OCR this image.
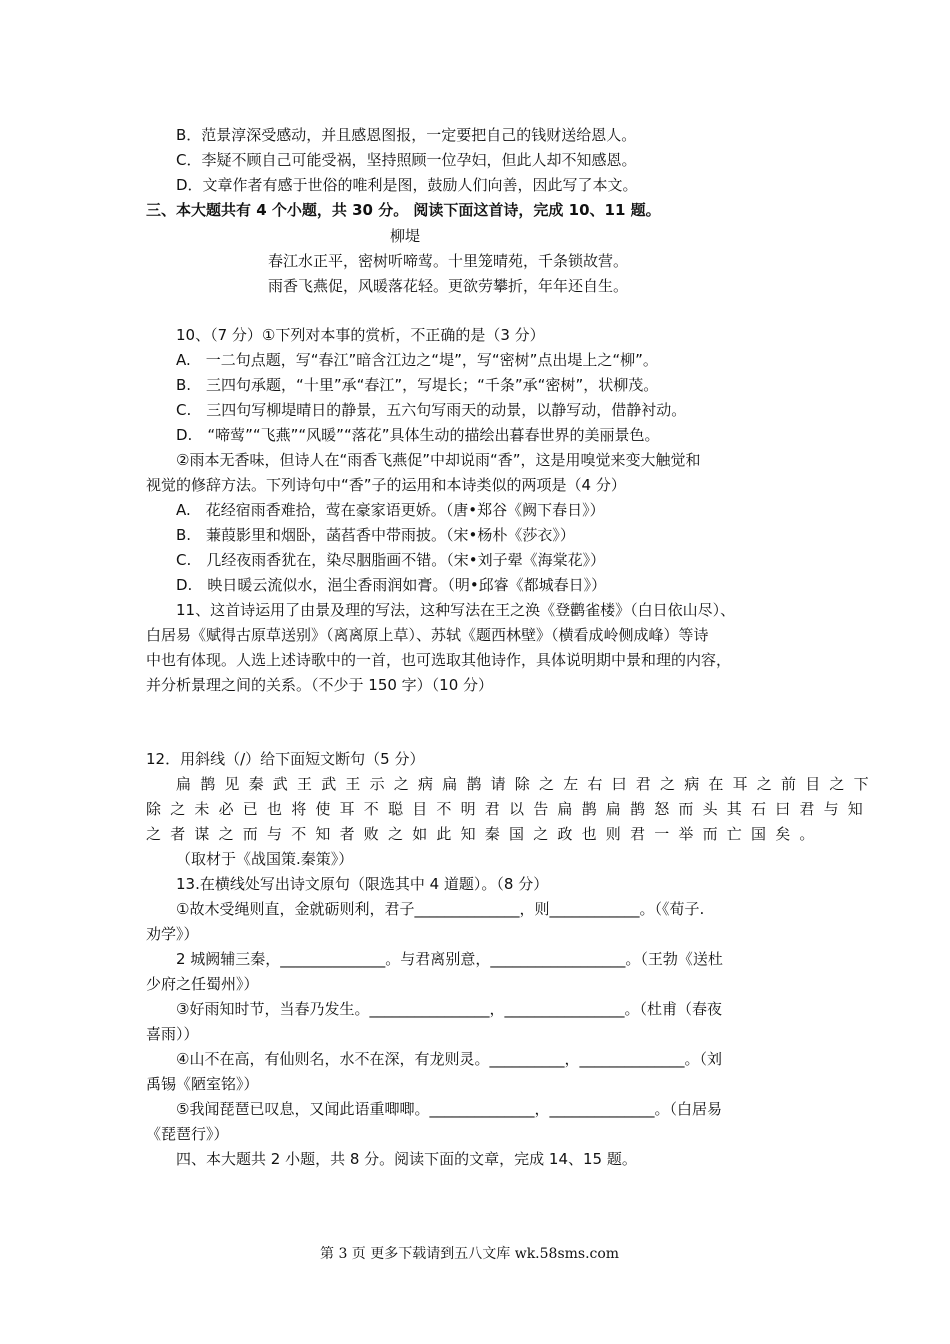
B．范景淳深受感动，并且感恩图报，一定要把自己的钱财送给恩人。
C．李疑不顾自己可能受祸，坚持照顾一位孕妇，但此人却不知感恩。
D．文章作者有感于世俗的唯利是图，鼓励人们向善，因此写了本文。
三、本大题共有 4 个小题，共 30 分。 阅读下面这首诗，完成 10、11 题。
柳堤
春江水正平，密树听啼莺。十里笼晴苑，千条锁故营。
雨香飞燕促，风暖落花轻。更欲劳攀折，年年还自生。
10、（7 分）①下列对本事的赏析，不正确的是（3 分）
A.　一二句点题，写“春江”暗含江边之“堤”，写“密树”点出堤上之“柳”。
B.　三四句承题，“十里”承“春江”，写堤长；“千条”承“密树”，状柳茂。
C.　三四句写柳堤晴日的静景，五六句写雨天的动景，以静写动，借静衬动。
D.　“啼莺”“飞燕”“风暖”“落花”具体生动的描绘出暮春世界的美丽景色。
②雨本无香味，但诗人在“雨香飞燕促”中却说雨“香”，这是用嗅觉来变大触觉和
视觉的修辞方法。下列诗句中“香”子的运用和本诗类似的两项是（4 分）
A.　花经宿雨香难拾，莺在豪家语更娇。（唐•郑谷《阙下春日》）
B.　蒹葭影里和烟卧，菡萏香中带雨披。（宋•杨朴《莎衣》）
C.　几经夜雨香犹在，染尽胭脂画不错。（宋•刘子翚《海棠花》）
D.　映日暖云流似水，浥尘香雨润如膏。（明•邱睿《都城春日》）
11、这首诗运用了由景及理的写法，这种写法在王之涣《登鹳雀楼》（白日依山尽）、
白居易《赋得古原草送别》（离离原上草）、苏轼《题西林壁》（横看成岭侧成峰）等诗
中也有体现。人选上述诗歌中的一首，也可选取其他诗作，具体说明期中景和理的内容，
并分析景理之间的关系。（不少于 150 字）（10 分）
12．用斜线（/）给下面短文断句（5 分）
扁鹊见秦武王武王示之病扁鹊请除之左右曰君之病在耳之前目之下
除之未必已也将使耳不聪目不明君以告扁鹊扁鹊怒而头其石曰君与知
之者谋之而与不知者败之如此知秦国之政也则君一举而亡国矣。
（取材于《战国策.秦策》）
13.在横线处写出诗文原句（限选其中 4 道题）。（8 分）
①故木受绳则直，金就砺则利，君子______________，则____________。（《荀子.
劝学》）
2 城阙辅三秦，______________。与君离别意，__________________。（王勃《送杜
少府之任蜀州》）
③好雨知时节，当春乃发生。________________，________________。（杜甫（春夜
喜雨））
④山不在高，有仙则名，水不在深，有龙则灵。__________，______________。（刘
禹锡《陋室铭》）
⑤我闻琵琶已叹息，又闻此语重唧唧。______________，______________。（白居易
《琵琶行》）
四、本大题共 2 小题，共 8 分。阅读下面的文章，完成 14、15 题。
第 3 页 更多下载请到五八文库 wk.58sms.com
